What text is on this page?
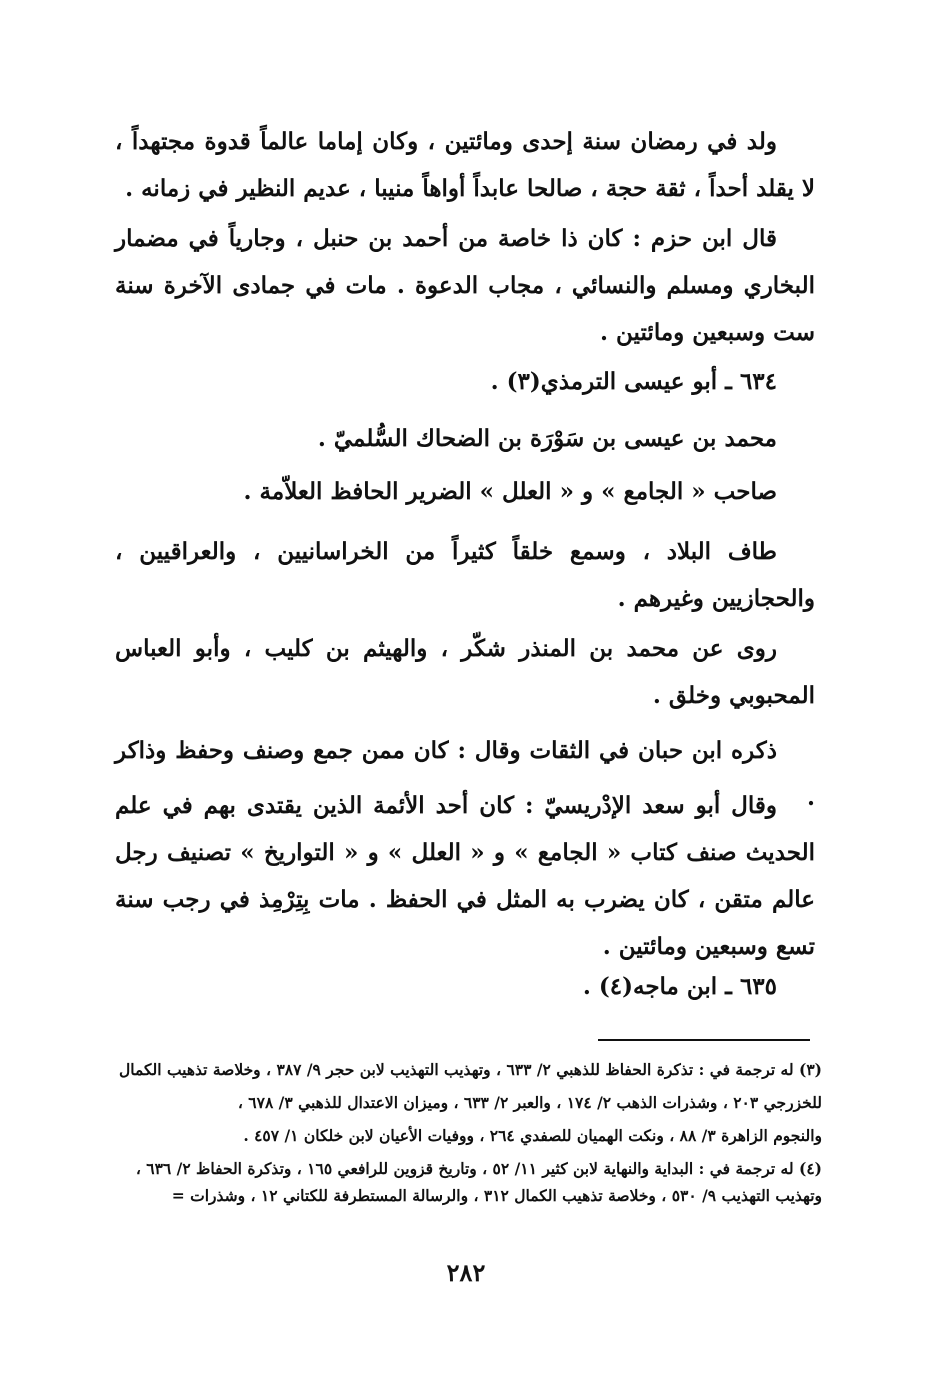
ولد في رمضان سنة إحدى ومائتين ، وكان إماما عالماً قدوة مجتهداً ، لا يقلد أحداً ، ثقة حجة ، صالحا عابداً أواهاً منيبا ، عديم النظير في زمانه .

قال ابن حزم : كان ذا خاصة من أحمد بن حنبل ، وجارياً في مضمار البخاري ومسلم والنسائي ، مجاب الدعوة . مات في جمادى الآخرة سنة ست وسبعين ومائتين .

٦٣٤ ـ أبو عيسى الترمذي(٣) .

محمد بن عيسى بن سَوْرَة بن الضحاك السُّلميّ .

صاحب « الجامع » و « العلل » الضرير الحافظ العلاّمة .

طاف البلاد ، وسمع خلقاً كثيراً من الخراسانيين ، والعراقيين ، والحجازيين وغيرهم .

روى عن محمد بن المنذر شكّر ، والهيثم بن كليب ، وأبو العباس المحبوبي وخلق .

ذكره ابن حبان في الثقات وقال : كان ممن جمع وصنف وحفظ وذاكر .

وقال أبو سعد الإدْريسيّ : كان أحد الأئمة الذين يقتدى بهم في علم الحديث صنف كتاب « الجامع » و « العلل » و « التواريخ » تصنيف رجل عالم متقن ، كان يضرب به المثل في الحفظ . مات بِتِرْمِذ في رجب سنة تسع وسبعين ومائتين .

٦٣٥ ـ ابن ماجه(٤) .

(٣) له ترجمة في : تذكرة الحفاظ للذهبي ٢/ ٦٣٣ ، وتهذيب التهذيب لابن حجر ٩/ ٣٨٧ ، وخلاصة تذهيب الكمال

للخزرجي ٢٠٣ ، وشذرات الذهب ٢/ ١٧٤ ، والعبر ٢/ ٦٣٣ ، وميزان الاعتدال للذهبي ٣/ ٦٧٨ ،

والنجوم الزاهرة ٣/ ٨٨ ، ونكت الهميان للصفدي ٢٦٤ ، ووفيات الأعيان لابن خلكان ١/ ٤٥٧ .

(٤) له ترجمة في : البداية والنهاية لابن كثير ١١/ ٥٢ ، وتاريخ قزوين للرافعي ١٦٥ ، وتذكرة الحفاظ ٢/ ٦٣٦ ،

وتهذيب التهذيب ٩/ ٥٣٠ ، وخلاصة تذهيب الكمال ٣١٢ ، والرسالة المستطرفة للكتاني ١٢ ، وشذرات =

٢٨٢
